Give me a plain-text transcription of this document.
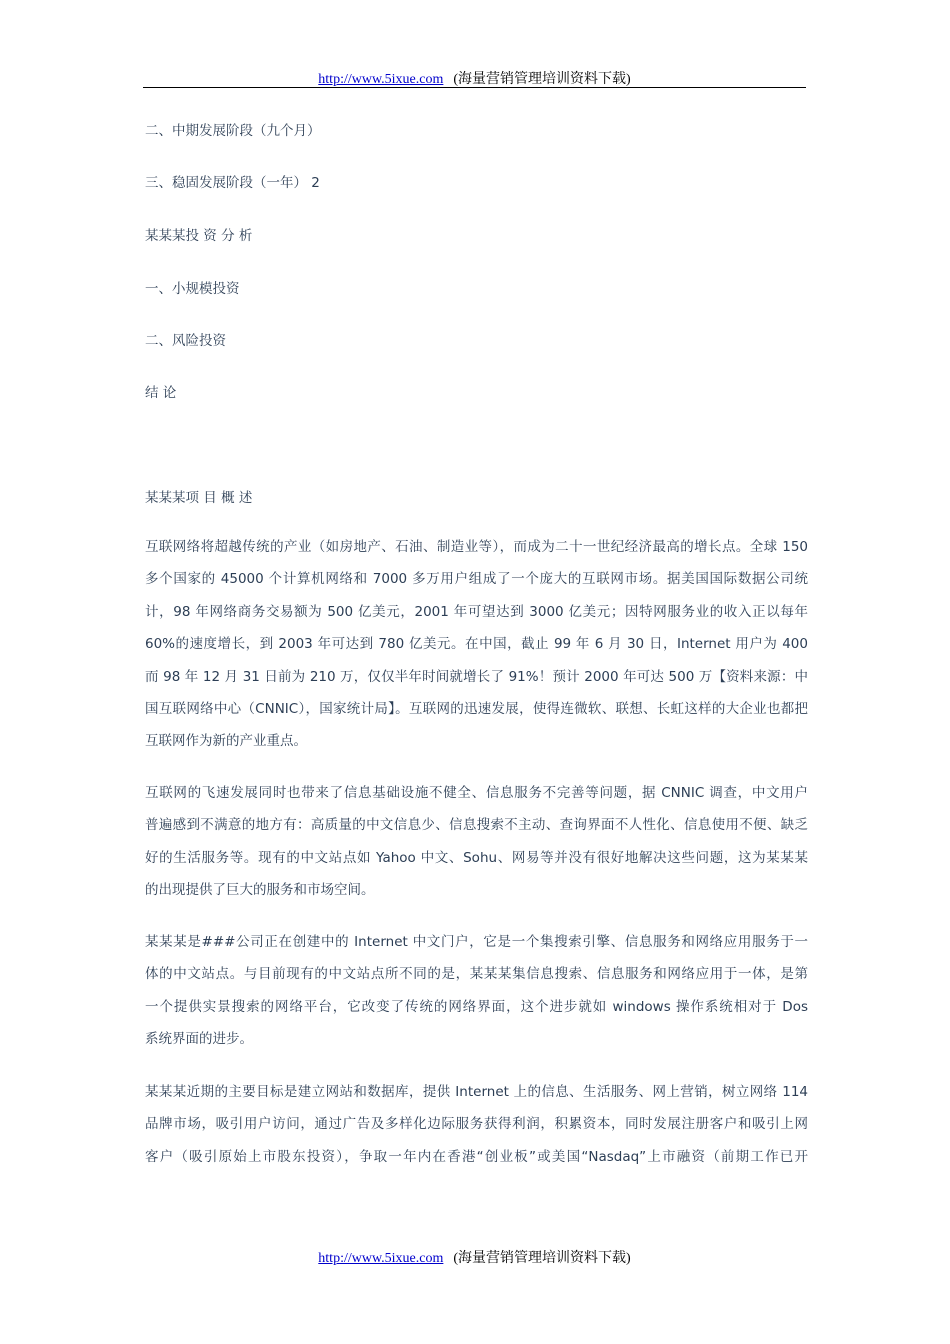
http://www.5ixue.com (海量营销管理培训资料下载)
二、中期发展阶段（九个月）
三、稳固发展阶段（一年） 2
某某某投 资 分 析
一、小规模投资
二、风险投资
结 论
某某某项 目 概 述
互联网络将超越传统的产业（如房地产、石油、制造业等），而成为二十一世纪经济最高的增长点。全球 150
多个国家的 45000 个计算机网络和 7000 多万用户组成了一个庞大的互联网市场。据美国国际数据公司统
计，98 年网络商务交易额为 500 亿美元，2001 年可望达到 3000 亿美元；因特网服务业的收入正以每年
60%的速度增长，到 2003 年可达到 780 亿美元。在中国，截止 99 年 6 月 30 日，Internet 用户为 400
而 98 年 12 月 31 日前为 210 万，仅仅半年时间就增长了 91%！预计 2000 年可达 500 万【资料来源：中
国互联网络中心（CNNIC），国家统计局】。互联网的迅速发展，使得连微软、联想、长虹这样的大企业也都把
互联网作为新的产业重点。
互联网的飞速发展同时也带来了信息基础设施不健全、信息服务不完善等问题，据 CNNIC 调查，中文用户
普遍感到不满意的地方有：高质量的中文信息少、信息搜索不主动、查询界面不人性化、信息使用不便、缺乏
好的生活服务等。现有的中文站点如 Yahoo 中文、Sohu、网易等并没有很好地解决这些问题，这为某某某
的出现提供了巨大的服务和市场空间。
某某某是###公司正在创建中的 Internet 中文门户，它是一个集搜索引擎、信息服务和网络应用服务于一
体的中文站点。与目前现有的中文站点所不同的是，某某某集信息搜索、信息服务和网络应用于一体，是第
一个提供实景搜索的网络平台，它改变了传统的网络界面，这个进步就如 windows 操作系统相对于 Dos
系统界面的进步。
某某某近期的主要目标是建立网站和数据库，提供 Internet 上的信息、生活服务、网上营销，树立网络 114
品牌市场，吸引用户访问，通过广告及多样化边际服务获得利润，积累资本，同时发展注册客户和吸引上网
客户（吸引原始上市股东投资），争取一年内在香港“创业板”或美国“Nasdaq”上市融资（前期工作已开
http://www.5ixue.com (海量营销管理培训资料下载)
